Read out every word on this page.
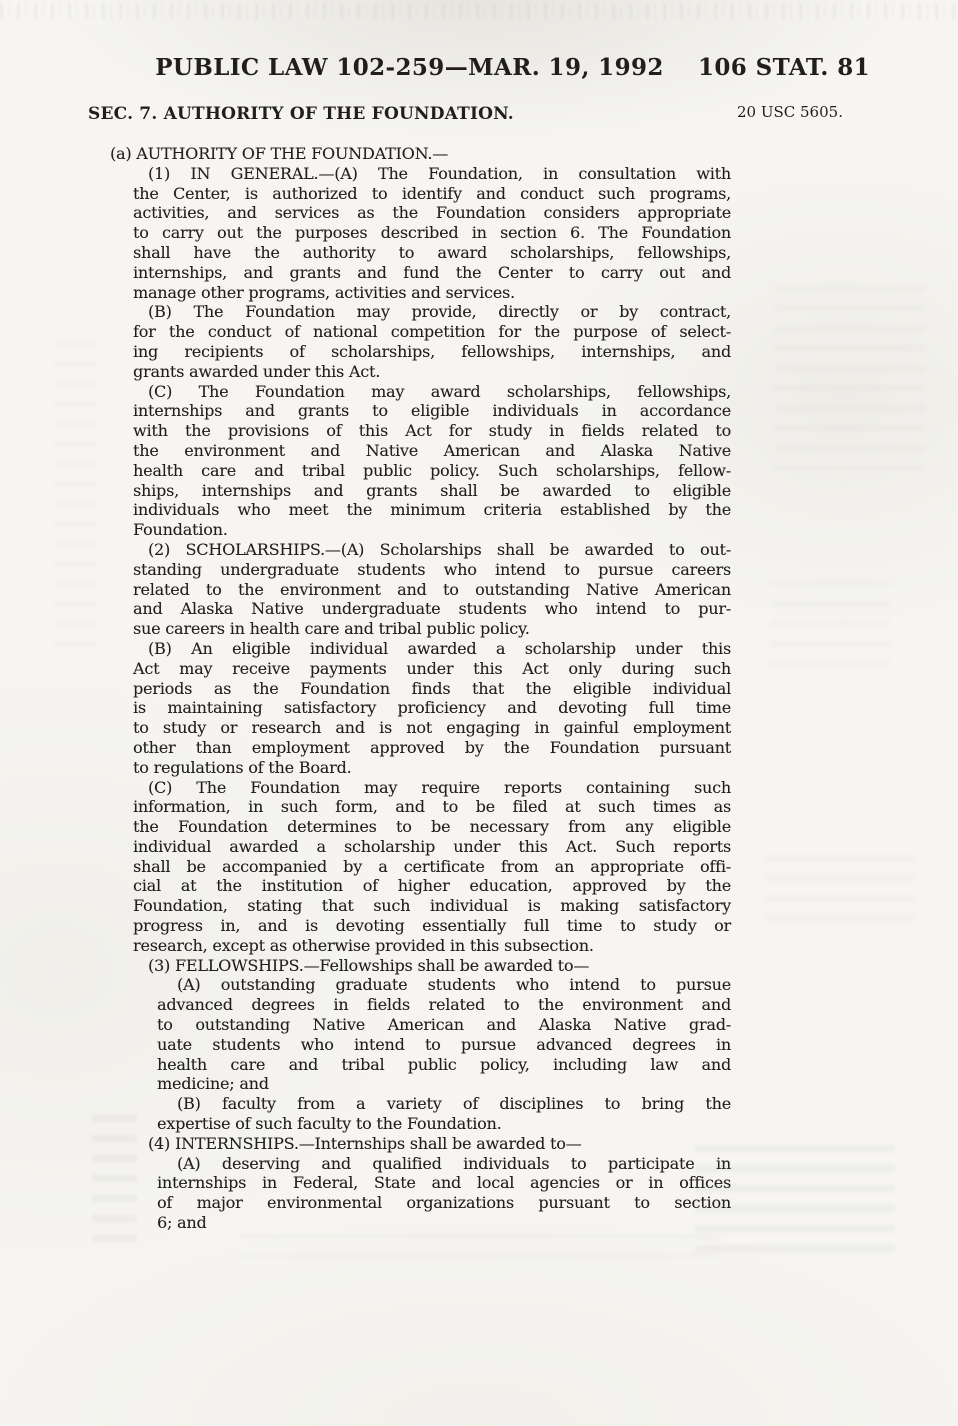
PUBLIC LAW 102-259—MAR. 19, 1992	106 STAT. 81
SEC. 7. AUTHORITY OF THE FOUNDATION.	20 USC 5605.
(a) AUTHORITY OF THE FOUNDATION.—
(1) IN GENERAL.—(A) The Foundation, in consultation with
the Center, is authorized to identify and conduct such programs,
activities, and services as the Foundation considers appropriate
to carry out the purposes described in section 6. The Foundation
shall have the authority to award scholarships, fellowships,
internships, and grants and fund the Center to carry out and
manage other programs, activities and services.
(B) The Foundation may provide, directly or by contract,
for the conduct of national competition for the purpose of select-
ing recipients of scholarships, fellowships, internships, and
grants awarded under this Act.
(C) The Foundation may award scholarships, fellowships,
internships and grants to eligible individuals in accordance
with the provisions of this Act for study in fields related to
the environment and Native American and Alaska Native
health care and tribal public policy. Such scholarships, fellow-
ships, internships and grants shall be awarded to eligible
individuals who meet the minimum criteria established by the
Foundation.
(2) SCHOLARSHIPS.—(A) Scholarships shall be awarded to out-
standing undergraduate students who intend to pursue careers
related to the environment and to outstanding Native American
and Alaska Native undergraduate students who intend to pur-
sue careers in health care and tribal public policy.
(B) An eligible individual awarded a scholarship under this
Act may receive payments under this Act only during such
periods as the Foundation finds that the eligible individual
is maintaining satisfactory proficiency and devoting full time
to study or research and is not engaging in gainful employment
other than employment approved by the Foundation pursuant
to regulations of the Board.
(C) The Foundation may require reports containing such
information, in such form, and to be filed at such times as
the Foundation determines to be necessary from any eligible
individual awarded a scholarship under this Act. Such reports
shall be accompanied by a certificate from an appropriate offi-
cial at the institution of higher education, approved by the
Foundation, stating that such individual is making satisfactory
progress in, and is devoting essentially full time to study or
research, except as otherwise provided in this subsection.
(3) FELLOWSHIPS.—Fellowships shall be awarded to—
(A) outstanding graduate students who intend to pursue
advanced degrees in fields related to the environment and
to outstanding Native American and Alaska Native grad-
uate students who intend to pursue advanced degrees in
health care and tribal public policy, including law and
medicine; and
(B) faculty from a variety of disciplines to bring the
expertise of such faculty to the Foundation.
(4) INTERNSHIPS.—Internships shall be awarded to—
(A) deserving and qualified individuals to participate in
internships in Federal, State and local agencies or in offices
of major environmental organizations pursuant to section
6; and
